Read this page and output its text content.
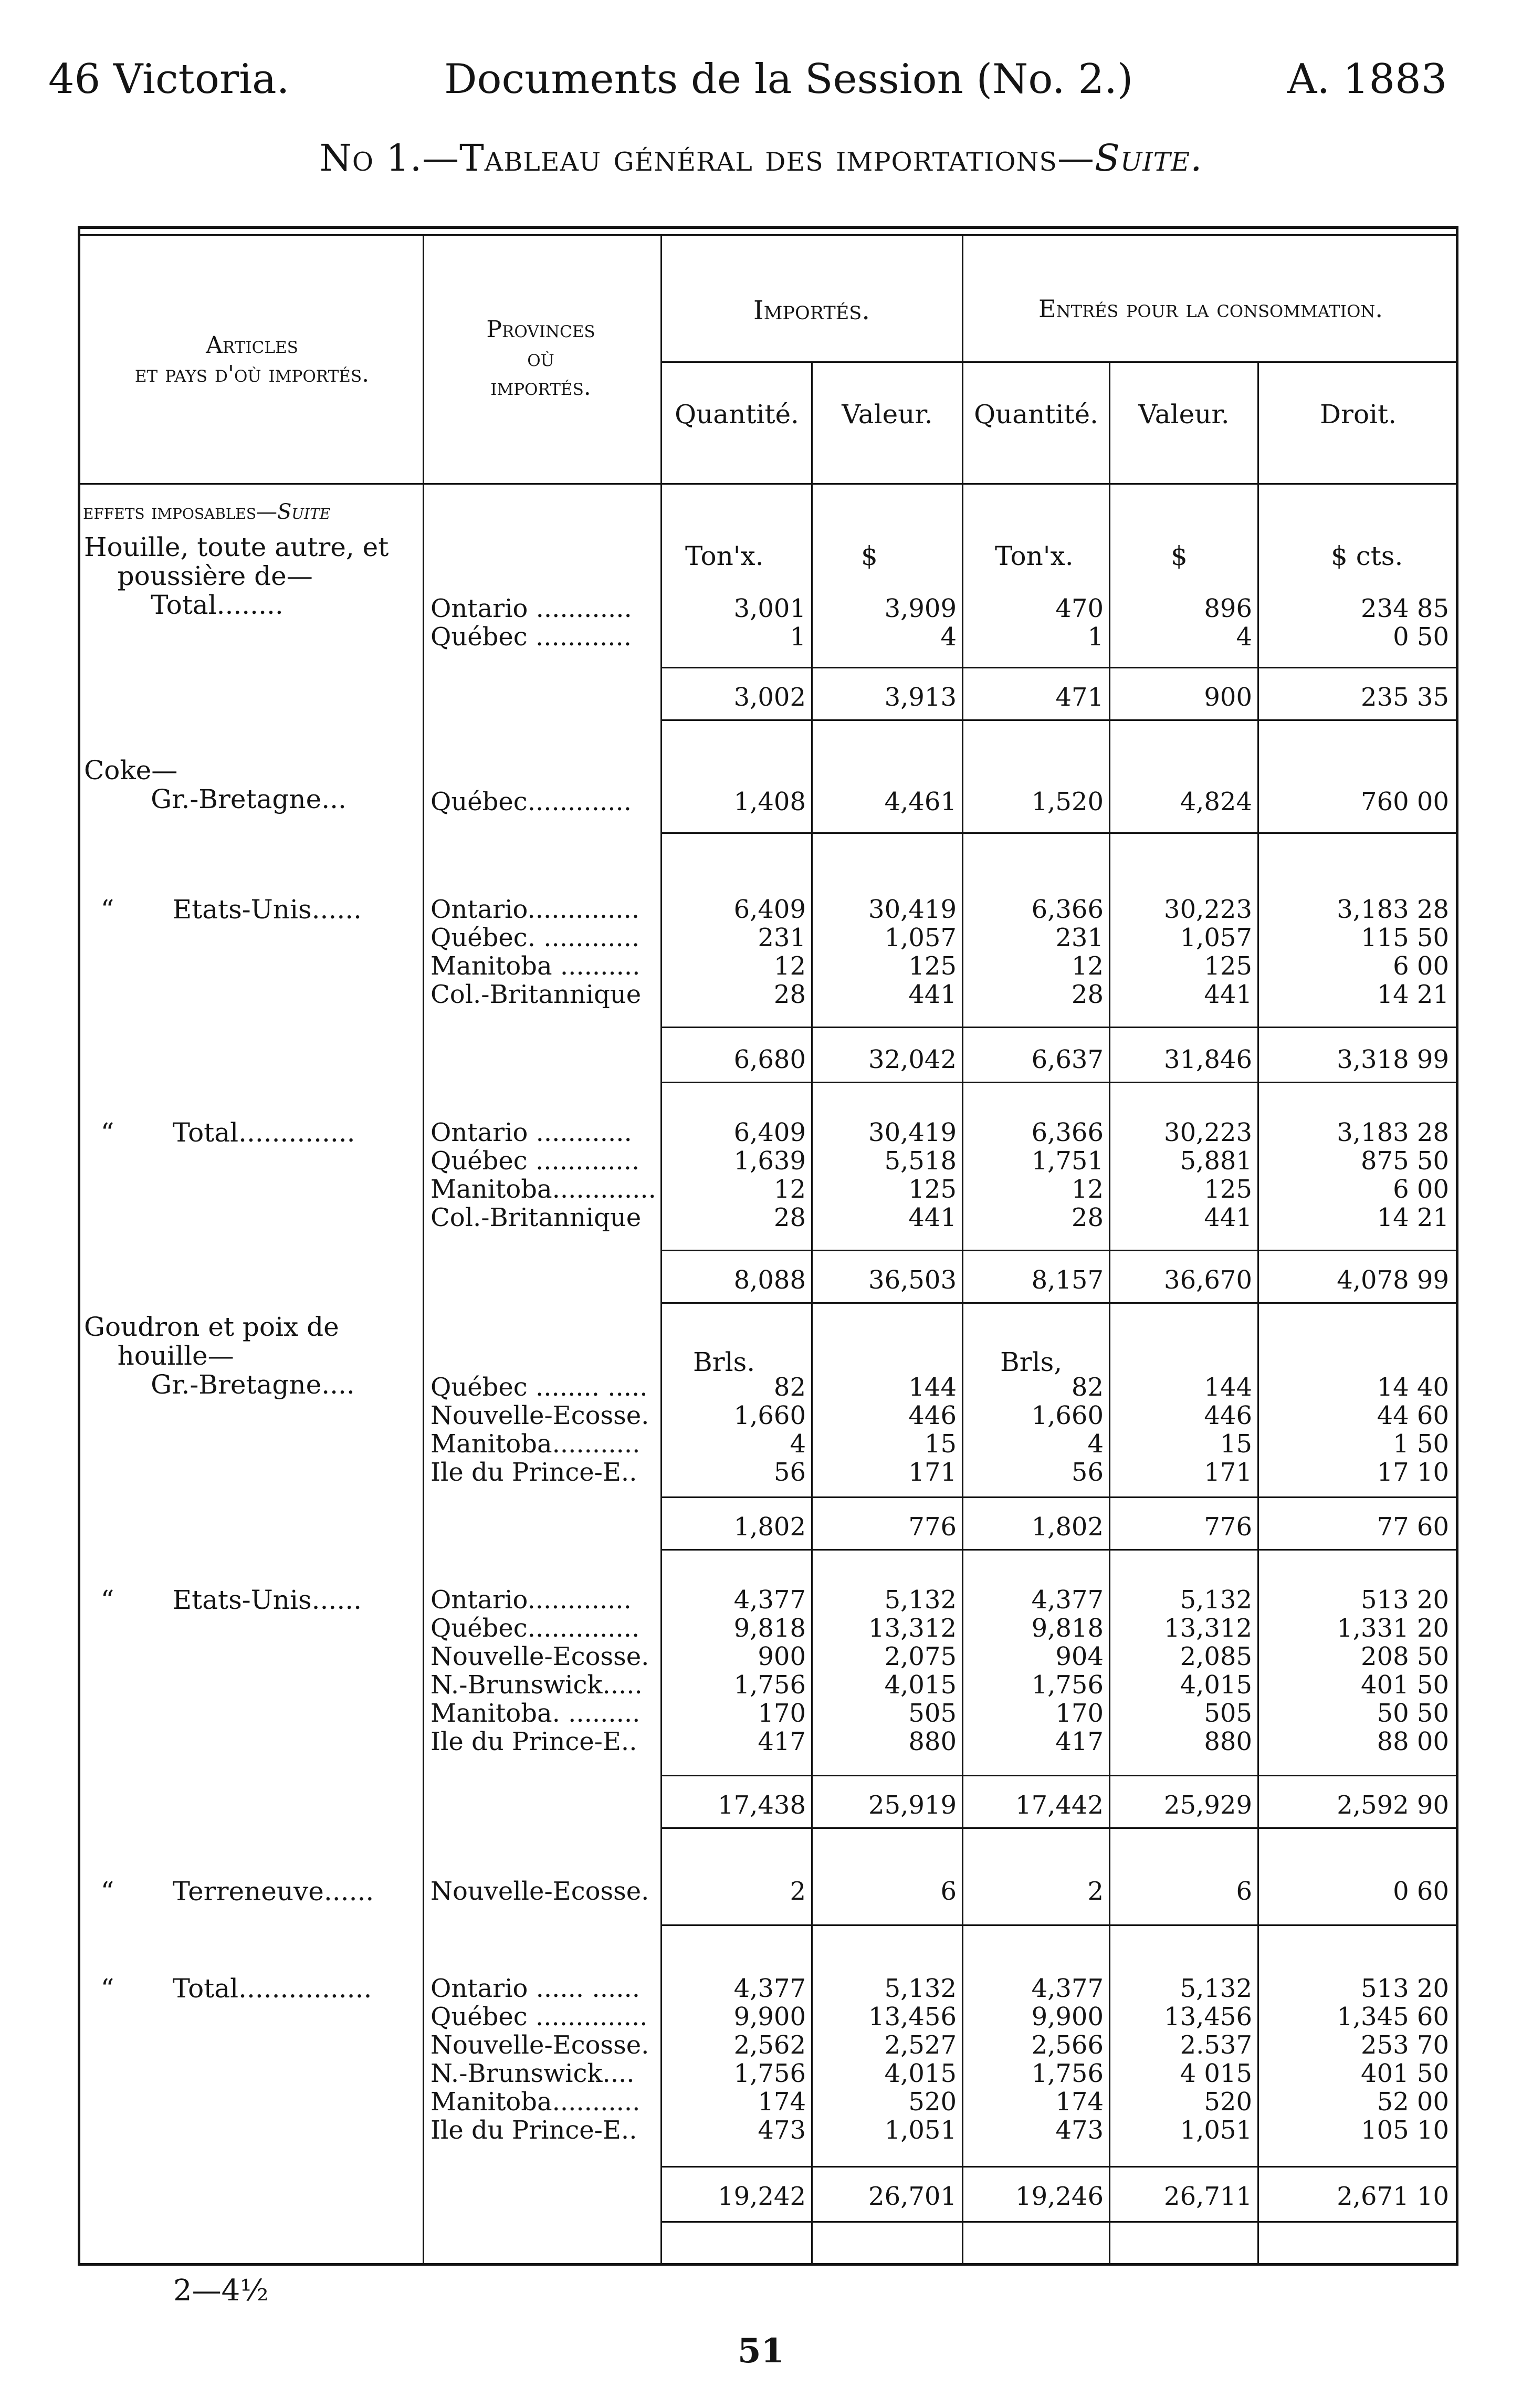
46 Victoria.	Documents de la Session (No. 2.)	A. 1883
No 1.—Tableau général des importations—Suite.
Articles
et pays d'où importés.
Provinces
où
importés.
Importés.	Entrés pour la consommation.
Quantité.	Valeur.	Quantité.	Valeur.	Droit.
effets imposables—Suite
Ton'x.	$	Ton'x.	$	$ cts.
Brls.	Brls,
Houille, toute autre, et
poussière de—
Total........	Ontario ............	3,001	3,909	470	896	234 85
Québec ............	1	4	1	4	0 50
3,002	3,913	471	900	235 35
Coke—
Gr.-Bretagne...	Québec.............	1,408	4,461	1,520	4,824	760 00
“       Etats-Unis......	Ontario..............	6,409	30,419	6,366	30,223	3,183 28
Québec. ............	231	1,057	231	1,057	115 50
Manitoba ..........	12	125	12	125	6 00
Col.-Britannique	28	441	28	441	14 21
6,680	32,042	6,637	31,846	3,318 99
“       Total..............	Ontario ............	6,409	30,419	6,366	30,223	3,183 28
Québec .............	1,639	5,518	1,751	5,881	875 50
Manitoba.............	12	125	12	125	6 00
Col.-Britannique	28	441	28	441	14 21
8,088	36,503	8,157	36,670	4,078 99
Goudron et poix de
houille—
Gr.-Bretagne....	Québec ........ .....	82	144	82	144	14 40
Nouvelle-Ecosse.	1,660	446	1,660	446	44 60
Manitoba...........	4	15	4	15	1 50
Ile du Prince-E..	56	171	56	171	17 10
1,802	776	1,802	776	77 60
“       Etats-Unis......	Ontario.............	4,377	5,132	4,377	5,132	513 20
Québec..............	9,818	13,312	9,818	13,312	1,331 20
Nouvelle-Ecosse.	900	2,075	904	2,085	208 50
N.-Brunswick.....	1,756	4,015	1,756	4,015	401 50
Manitoba. .........	170	505	170	505	50 50
Ile du Prince-E..	417	880	417	880	88 00
17,438	25,919	17,442	25,929	2,592 90
“       Terreneuve...... Nouvelle-Ecosse.	2	6	2	6	0 60
“       Total................ Ontario ...... ......	4,377	5,132	4,377	5,132	513 20
Québec ..............	9,900	13,456	9,900	13,456	1,345 60
Nouvelle-Ecosse.	2,562	2,527	2,566	2.537	253 70
N.-Brunswick....	1,756	4,015	1,756	4 015	401 50
Manitoba...........	174	520	174	520	52 00
Ile du Prince-E..	473	1,051	473	1,051	105 10
19,242	26,701	19,246	26,711	2,671 10
2—4½
51
